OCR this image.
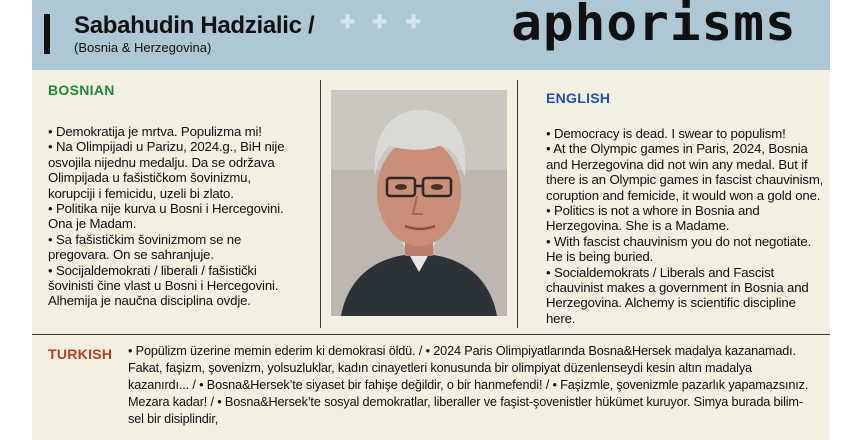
Sabahudin Hadzialic /
(Bosnia & Herzegovina)
✚ ✚ ✚ aphorisms
BOSNIAN

• Demokratija je mrtva. Populizma mi!

• Na Olimpijadi u Parizu, 2024.g., BiH nije

osvojila nijednu medalju. Da se održava

Olimpijada u fašističkom šovinizmu,

korupciji i femicidu, uzeli bi zlato.

• Politika nije kurva u Bosni i Hercegovini.

Ona je Madam.

• Sa fašističkim šovinizmom se ne

pregovara. On se sahranjuje.

• Socijaldemokrati / liberali / fašistički

šovinisti čine vlast u Bosni i Hercegovini.

Alhemija je naučna disciplina ovdje.

ENGLISH

• Democracy is dead. I swear to populism!

• At the Olympic games in Paris, 2024, Bosnia

and Herzegovina did not win any medal. But if

there is an Olympic games in fascist chauvinism,

coruption and femicide, it would won a gold one.

• Politics is not a whore in Bosnia and

Herzegovina. She is a Madame.

• With fascist chauvinism you do not negotiate.

He is being buried.

• Socialdemokrats / Liberals and Fascist

chauvinist makes a government in Bosnia and

Herzegovina. Alchemy is scientific discipline here.

TURKISH • Popülizm üzerine memin ederim ki demokrasi öldü. / • 2024 Paris Olimpiyatlarında Bosna&Hersek madalya kazanamadı.
Fakat, faşizm, şovenizm, yolsuzluklar, kadın cinayetleri konusunda bir olimpiyat düzenlenseydi kesin altın madalya
kazanırdı... / • Bosna&Hersek’te siyaset bir fahişe değildir, o bir hanmefendi! / • Faşizmle, şovenizmle pazarlık yapamazsınız.
Mezara kadar! / • Bosna&Hersek’te sosyal demokratlar, liberaller ve faşist-şovenistler hükümet kuruyor. Simya burada bilim-
sel bir disiplindir,
